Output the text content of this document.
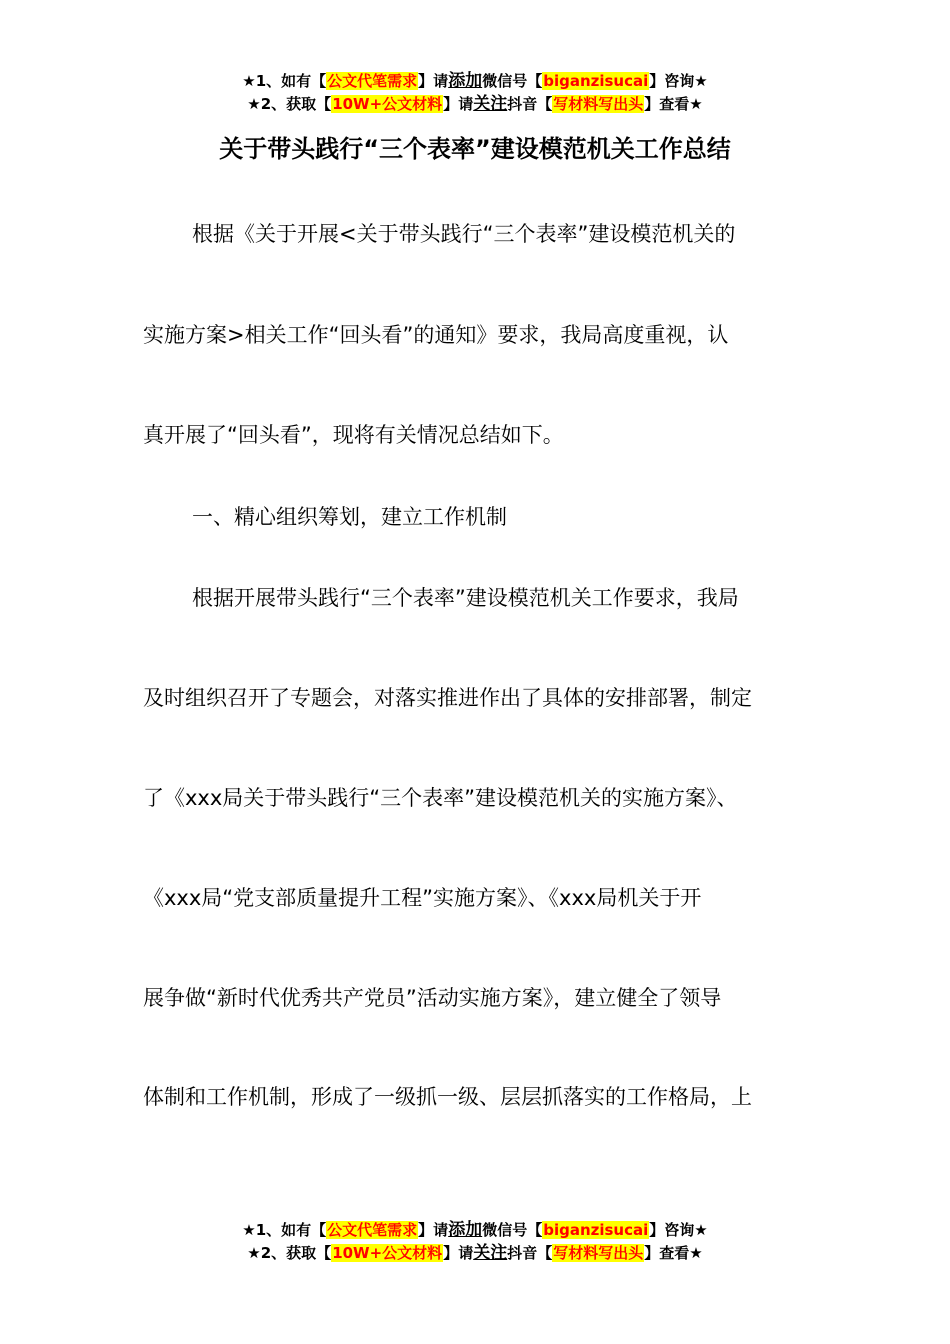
★1、如有【公文代笔需求】请添加微信号【biganzisucai】咨询★
★2、获取【10W+公文材料】请关注抖音【写材料写出头】查看★
关于带头践行“三个表率”建设模范机关工作总结
根据《关于开展<关于带头践行“三个表率”建设模范机关的
实施方案>相关工作“回头看”的通知》要求，我局高度重视，认
真开展了“回头看”，现将有关情况总结如下。
一、精心组织筹划，建立工作机制
根据开展带头践行“三个表率”建设模范机关工作要求，我局
及时组织召开了专题会，对落实推进作出了具体的安排部署，制定
了《xxx局关于带头践行“三个表率”建设模范机关的实施方案》、
《xxx局“党支部质量提升工程”实施方案》、《xxx局机关于开
展争做“新时代优秀共产党员”活动实施方案》，建立健全了领导
体制和工作机制，形成了一级抓一级、层层抓落实的工作格局，上
★1、如有【公文代笔需求】请添加微信号【biganzisucai】咨询★
★2、获取【10W+公文材料】请关注抖音【写材料写出头】查看★
